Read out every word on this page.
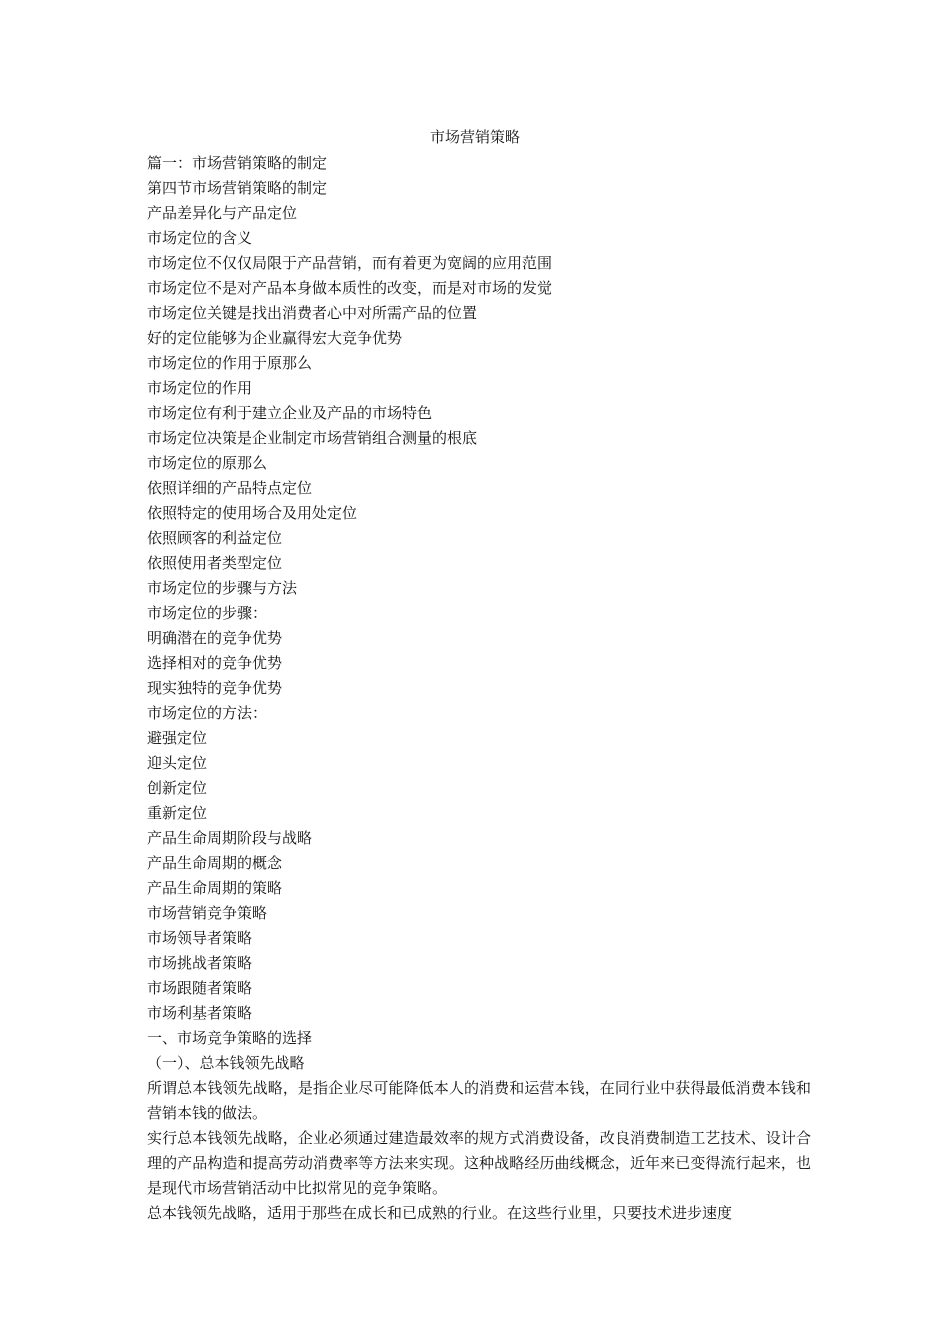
市场营销策略
篇一：市场营销策略的制定
第四节市场营销策略的制定
产品差异化与产品定位
市场定位的含义
市场定位不仅仅局限于产品营销，而有着更为宽阔的应用范围
市场定位不是对产品本身做本质性的改变，而是对市场的发觉
市场定位关键是找出消费者心中对所需产品的位置
好的定位能够为企业赢得宏大竞争优势
市场定位的作用于原那么
市场定位的作用
市场定位有利于建立企业及产品的市场特色
市场定位决策是企业制定市场营销组合测量的根底
市场定位的原那么
依照详细的产品特点定位
依照特定的使用场合及用处定位
依照顾客的利益定位
依照使用者类型定位
市场定位的步骤与方法
市场定位的步骤：
明确潜在的竞争优势
选择相对的竞争优势
现实独特的竞争优势
市场定位的方法：
避强定位
迎头定位
创新定位
重新定位
产品生命周期阶段与战略
产品生命周期的概念
产品生命周期的策略
市场营销竞争策略
市场领导者策略
市场挑战者策略
市场跟随者策略
市场利基者策略
一、市场竞争策略的选择
（一）、总本钱领先战略
所谓总本钱领先战略，是指企业尽可能降低本人的消费和运营本钱，在同行业中获得最低消费本钱和营销本钱的做法。
实行总本钱领先战略，企业必须通过建造最效率的规方式消费设备，改良消费制造工艺技术、设计合理的产品构造和提高劳动消费率等方法来实现。这种战略经历曲线概念，近年来已变得流行起来，也是现代市场营销活动中比拟常见的竞争策略。
总本钱领先战略，适用于那些在成长和已成熟的行业。在这些行业里，只要技术进步速度
